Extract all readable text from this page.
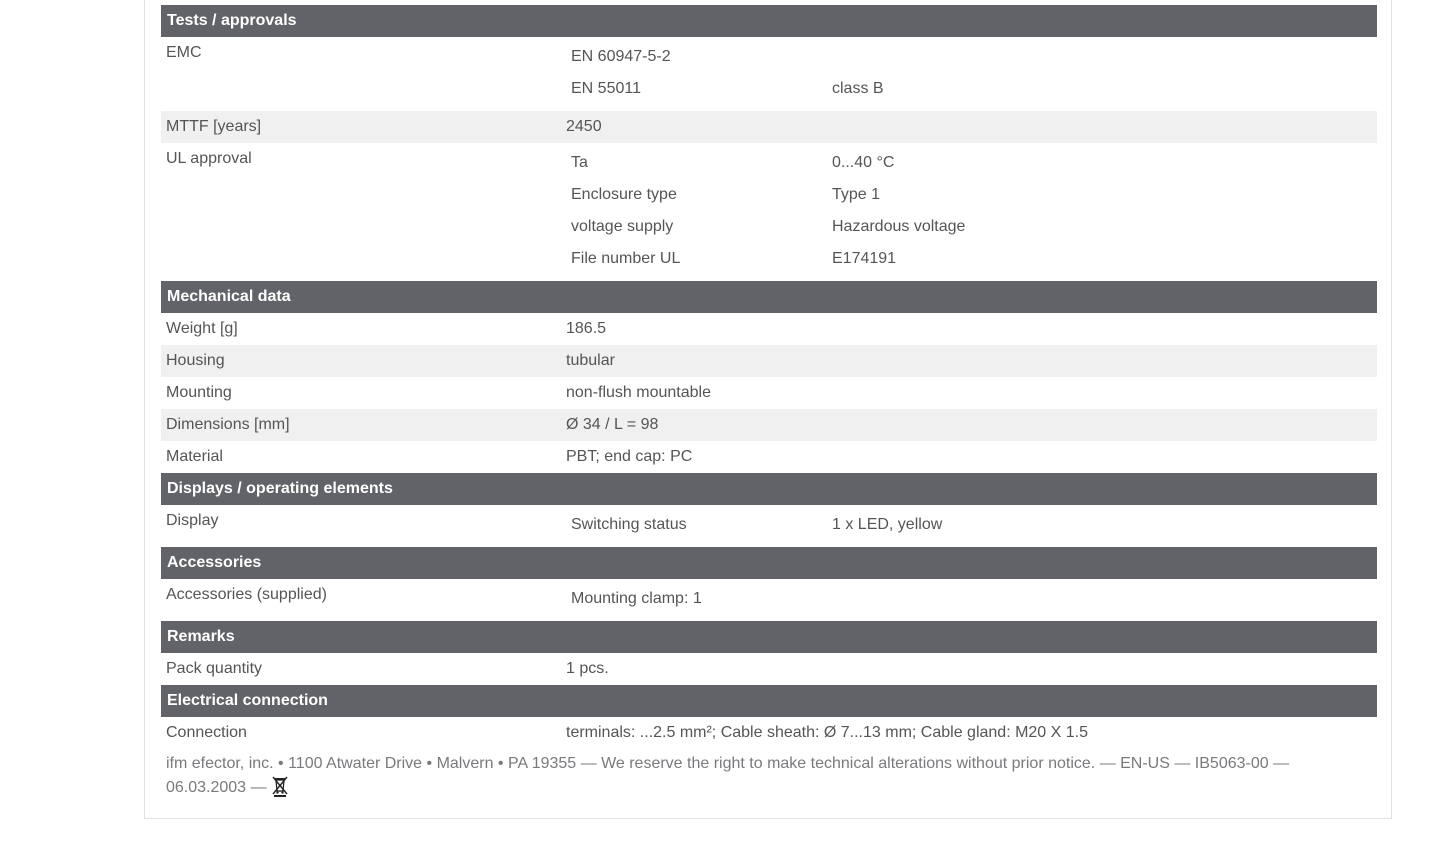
Tests / approvals
EMC	EN 60947-5-2
EN 55011	class B
MTTF [years]	2450
UL approval	Ta	0...40 °C
Enclosure type	Type 1
voltage supply	Hazardous voltage
File number UL	E174191
Mechanical data
Weight [g]	186.5
Housing	tubular
Mounting	non-flush mountable
Dimensions [mm]	Ø 34 / L = 98
Material	PBT; end cap: PC
Displays / operating elements
Display	Switching status	1 x LED, yellow
Accessories
Accessories (supplied)	Mounting clamp: 1
Remarks
Pack quantity	1 pcs.
Electrical connection
Connection	terminals: ...2.5 mm²; Cable sheath: Ø 7...13 mm; Cable gland: M20 X 1.5
ifm efector, inc. • 1100 Atwater Drive • Malvern • PA 19355 — We reserve the right to make technical alterations without prior notice. — EN-US — IB5063-00 — 06.03.2003 —
